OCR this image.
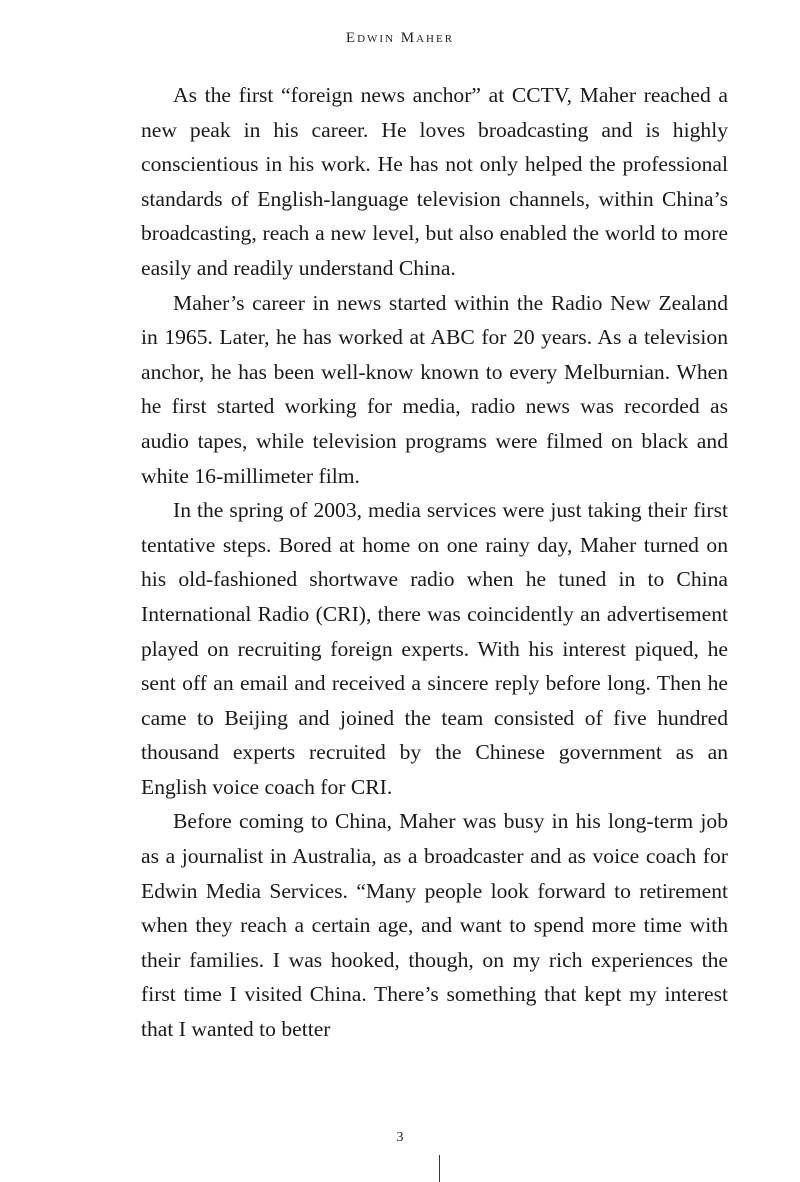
Edwin Maher

As the first “foreign news anchor” at CCTV, Maher reached a new peak in his career. He loves broadcasting and is highly conscientious in his work. He has not only helped the professional standards of English-language television channels, within China’s broadcasting, reach a new level, but also enabled the world to more easily and readily understand China.

Maher’s career in news started within the Radio New Zealand in 1965. Later, he has worked at ABC for 20 years. As a television anchor, he has been well-know known to every Melburnian. When he first started working for media, radio news was recorded as audio tapes, while television programs were filmed on black and white 16-millimeter film.

In the spring of 2003, media services were just taking their first tentative steps. Bored at home on one rainy day, Maher turned on his old-fashioned shortwave radio when he tuned in to China International Radio (CRI), there was coincidently an advertisement played on recruiting foreign experts. With his interest piqued, he sent off an email and received a sincere reply before long. Then he came to Beijing and joined the team consisted of five hundred thousand experts recruited by the Chinese government as an English voice coach for CRI.

Before coming to China, Maher was busy in his long-term job as a journalist in Australia, as a broadcaster and as voice coach for Edwin Media Services. “Many people look forward to retirement when they reach a certain age, and want to spend more time with their families. I was hooked, though, on my rich experiences the first time I visited China. There’s something that kept my interest that I wanted to better

3
